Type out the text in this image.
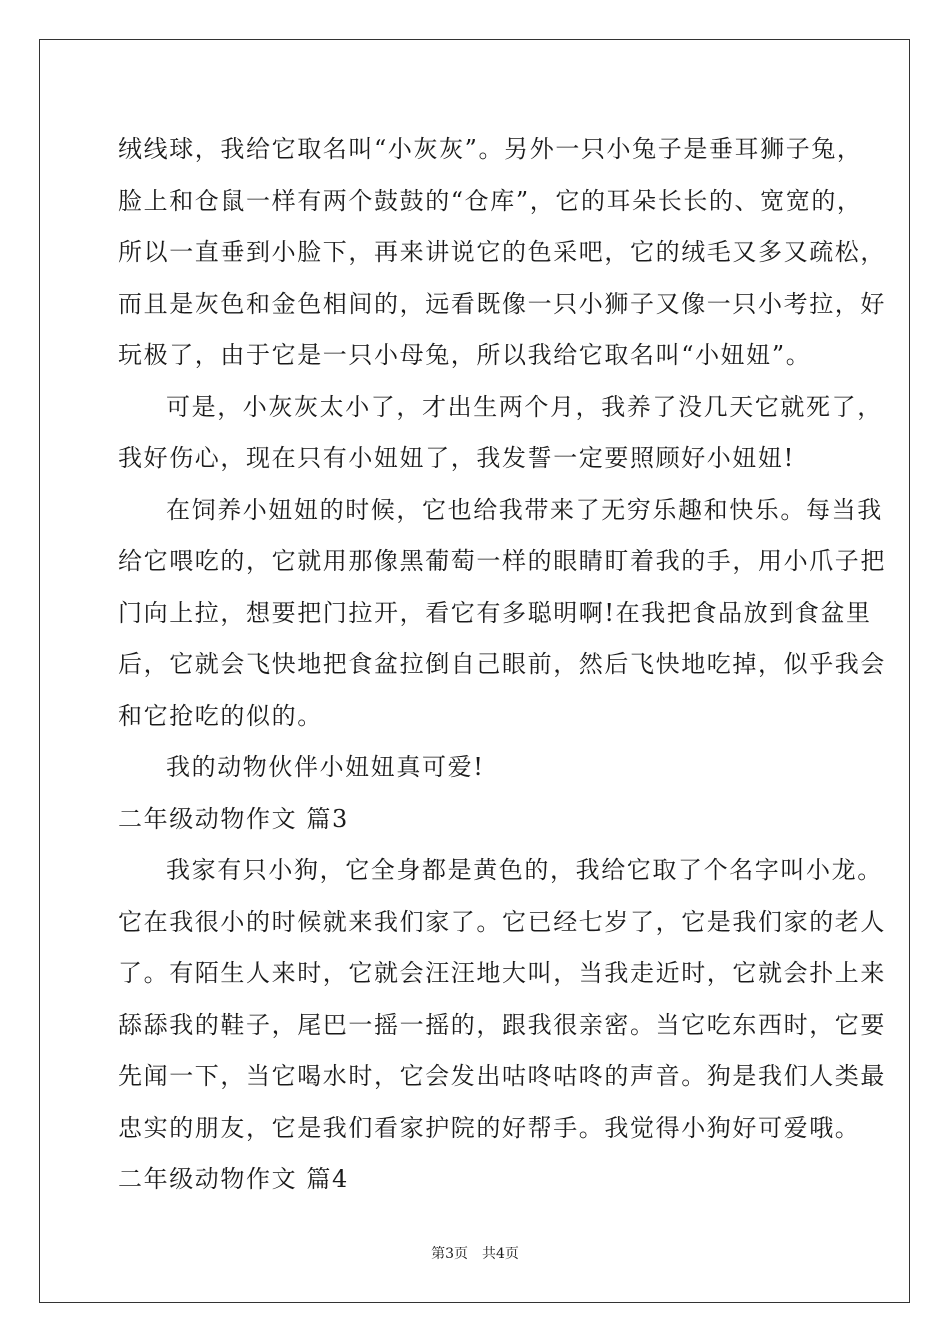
绒线球，我给它取名叫“小灰灰”。另外一只小兔子是垂耳狮子兔，
脸上和仓鼠一样有两个鼓鼓的“仓库”，它的耳朵长长的、宽宽的，
所以一直垂到小脸下，再来讲说它的色采吧，它的绒毛又多又疏松，
而且是灰色和金色相间的，远看既像一只小狮子又像一只小考拉，好
玩极了，由于它是一只小母兔，所以我给它取名叫“小妞妞”。
可是，小灰灰太小了，才出生两个月，我养了没几天它就死了，
我好伤心，现在只有小妞妞了，我发誓一定要照顾好小妞妞!
在饲养小妞妞的时候，它也给我带来了无穷乐趣和快乐。每当我
给它喂吃的，它就用那像黑葡萄一样的眼睛盯着我的手，用小爪子把
门向上拉，想要把门拉开，看它有多聪明啊!在我把食品放到食盆里
后，它就会飞快地把食盆拉倒自己眼前，然后飞快地吃掉，似乎我会
和它抢吃的似的。
我的动物伙伴小妞妞真可爱!
二年级动物作文 篇3
我家有只小狗，它全身都是黄色的，我给它取了个名字叫小龙。
它在我很小的时候就来我们家了。它已经七岁了，它是我们家的老人
了。有陌生人来时，它就会汪汪地大叫，当我走近时，它就会扑上来
舔舔我的鞋子，尾巴一摇一摇的，跟我很亲密。当它吃东西时，它要
先闻一下，当它喝水时，它会发出咕咚咕咚的声音。狗是我们人类最
忠实的朋友，它是我们看家护院的好帮手。我觉得小狗好可爱哦。
二年级动物作文 篇4
第3页　共4页
